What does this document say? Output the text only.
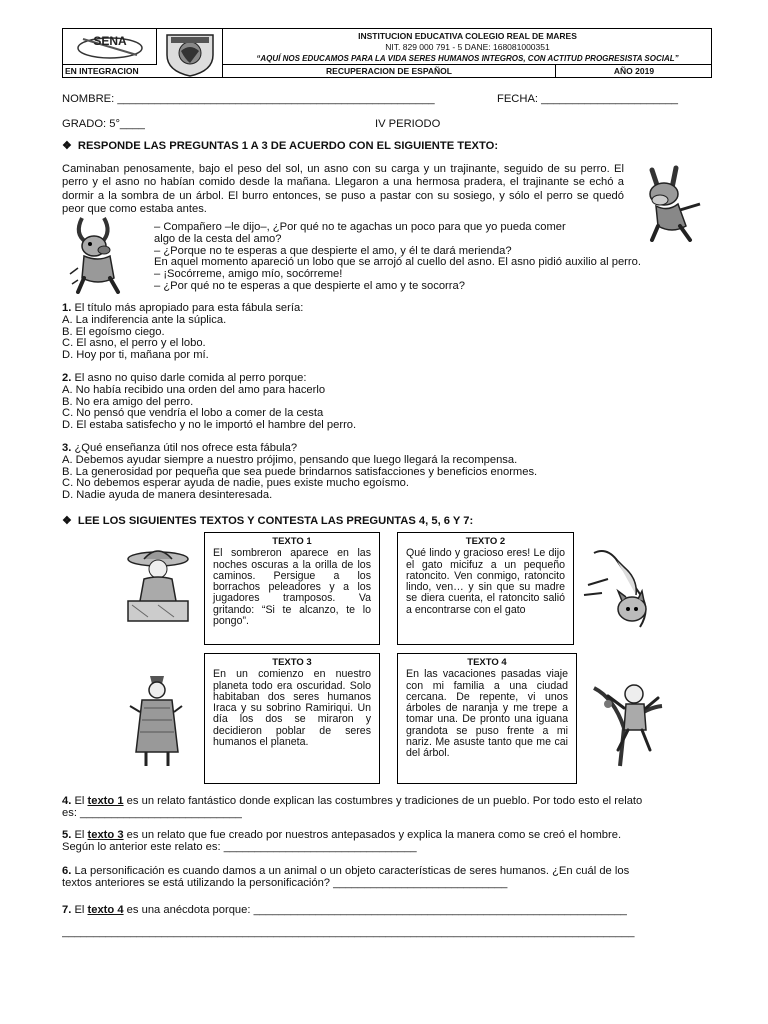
SENA
EN INTEGRACION
INSTITUCION EDUCATIVA COLEGIO REAL DE MARES
NIT. 829 000 791 - 5 DANE: 168081000351
“AQUÍ NOS EDUCAMOS PARA LA VIDA SERES HUMANOS INTEGROS, CON ACTITUD PROGRESISTA SOCIAL”
RECUPERACION DE ESPAÑOL	AÑO 2019
NOMBRE: ___________________________________________________	FECHA: ______________________
GRADO: 5°____	IV PERIODO
❖ RESPONDE LAS PREGUNTAS 1 A 3 DE ACUERDO CON EL SIGUIENTE TEXTO:
Caminaban penosamente, bajo el peso del sol, un asno con su carga y un trajinante, seguido de su perro. El perro y el asno no habían comido desde la mañana. Llegaron a una hermosa pradera, el trajinante se echó a dormir a la sombra de un árbol. El burro entonces, se puso a pastar con su sosiego, y sólo el perro se quedó peor que como estaba antes.
– Compañero –le dijo–, ¿Por qué no te agachas un poco para que yo pueda comer
algo de la cesta del amo?
– ¿Porque no te esperas a que despierte el amo, y él te dará merienda?
En aquel momento apareció un lobo que se arrojó al cuello del asno. El asno pidió auxilio al perro.
– ¡Socórreme, amigo mío, socórreme!
– ¿Por qué no te esperas a que despierte el amo y te socorra?
1. El título más apropiado para esta fábula sería:
A. La indiferencia ante la súplica.
B. El egoísmo ciego.
C. El asno, el perro y el lobo.
D. Hoy por ti, mañana por mí.
2. El asno no quiso darle comida al perro porque:
A. No había recibido una orden del amo para hacerlo
B. No era amigo del perro.
C. No pensó que vendría el lobo a comer de la cesta
D. El estaba satisfecho y no le importó el hambre del perro.
3. ¿Qué enseñanza útil nos ofrece esta fábula?
A. Debemos ayudar siempre a nuestro prójimo, pensando que luego llegará la recompensa.
B. La generosidad por pequeña que sea puede brindarnos satisfacciones y beneficios enormes.
C. No debemos esperar ayuda de nadie, pues existe mucho egoísmo.
D. Nadie ayuda de manera desinteresada.
❖ LEE LOS SIGUIENTES TEXTOS Y CONTESTA LAS PREGUNTAS 4, 5, 6 Y 7:
TEXTO 1
El sombreron aparece en las noches oscuras a la orilla de los caminos. Persigue a los borrachos peleadores y a los jugadores tramposos. Va gritando: “Si te alcanzo, te lo pongo”.
TEXTO 2
Qué lindo y gracioso eres! Le dijo el gato micifuz a un pequeño ratoncito. Ven conmigo, ratoncito lindo, ven… y sin que su madre se diera cuenta, el ratoncito salió a encontrarse con el gato
TEXTO 3
En un comienzo en nuestro planeta todo era oscuridad. Solo habitaban dos seres humanos Iraca y su sobrino Ramiriqui. Un día los dos se miraron y decidieron poblar de seres humanos el planeta.
TEXTO 4
En las vacaciones pasadas viaje con mi familia a una ciudad cercana. De repente, vi unos árboles de naranja y me trepe a tomar una. De pronto una iguana grandota se puso frente a mi nariz. Me asuste tanto que me cai del árbol.
4. El texto 1 es un relato fantástico donde explican las costumbres y tradiciones de un pueblo. Por todo esto el relato
es: __________________________
5. El texto 3 es un relato que fue creado por nuestros antepasados y explica la manera como se creó el hombre.
Según lo anterior este relato es: _______________________________
6. La personificación es cuando damos a un animal o un objeto características de seres humanos. ¿En cuál de los
textos anteriores se está utilizando la personificación? ____________________________
7. El texto 4 es una anécdota porque: ____________________________________________________________
____________________________________________________________________________________________
